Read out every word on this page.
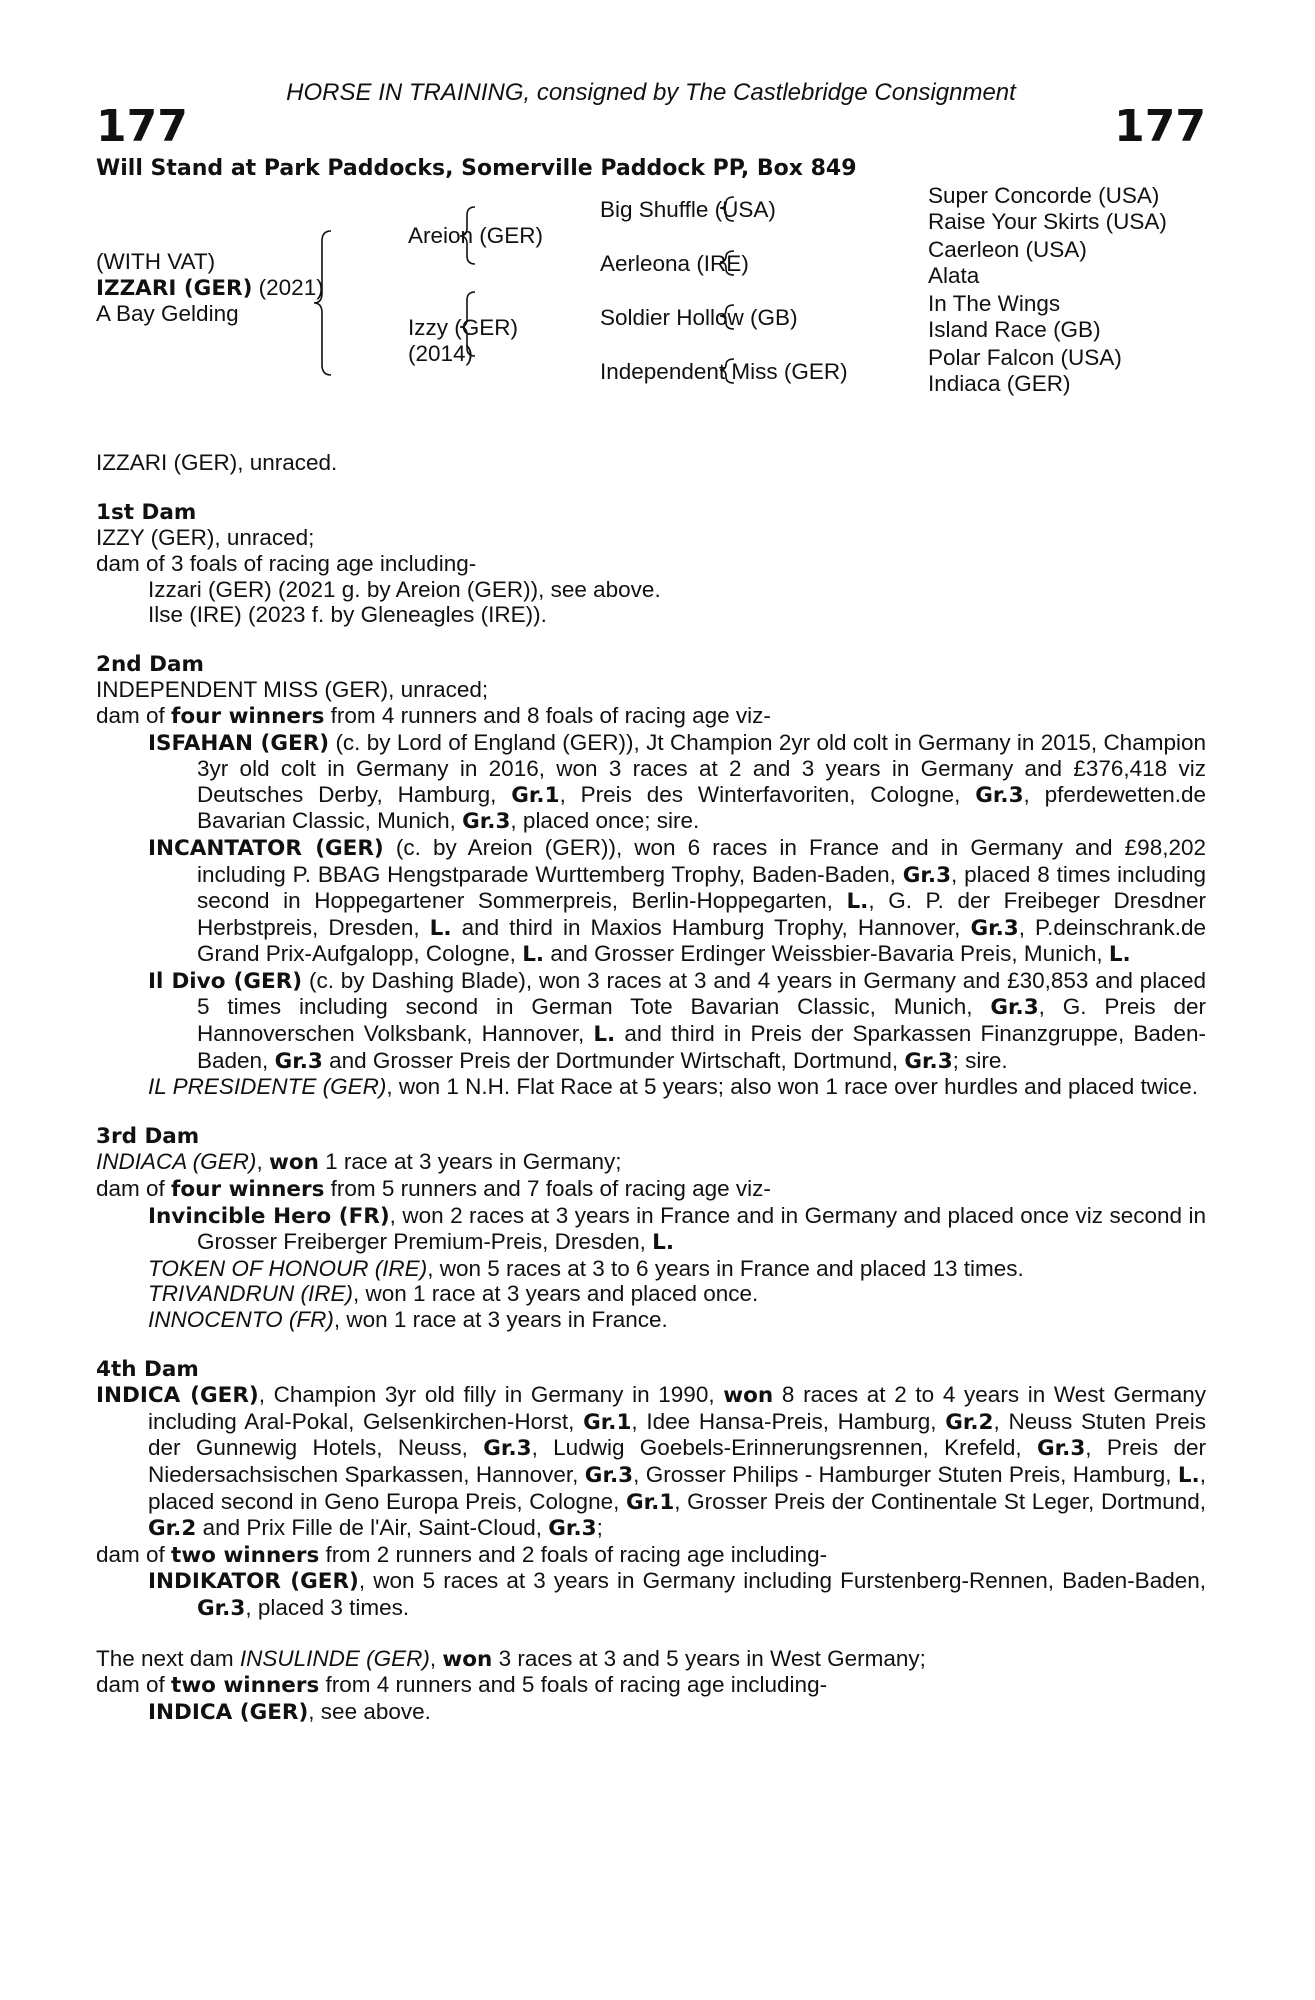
HORSE IN TRAINING, consigned by The Castlebridge Consignment
177	177
Will Stand at Park Paddocks, Somerville Paddock PP, Box 849
(WITH VAT)
IZZARI (GER) (2021)
A Bay Gelding
Areion (GER)
Izzy (GER)
(2014)
Big Shuffle (USA)
Aerleona (IRE)
Soldier Hollow (GB)
Independent Miss (GER)
Super Concorde (USA)
Raise Your Skirts (USA)
Caerleon (USA)
Alata
In The Wings
Island Race (GB)
Polar Falcon (USA)
Indiaca (GER)

IZZARI (GER), unraced.

1st Dam

IZZY (GER), unraced;

dam of 3 foals of racing age including-

Izzari (GER) (2021 g. by Areion (GER)), see above.

Ilse (IRE) (2023 f. by Gleneagles (IRE)).

2nd Dam

INDEPENDENT MISS (GER), unraced;

dam of four winners from 4 runners and 8 foals of racing age viz-

ISFAHAN (GER) (c. by Lord of England (GER)), Jt Champion 2yr old colt in Germany in 2015, Champion 3yr old colt in Germany in 2016, won 3 races at 2 and 3 years in Germany and £376,418 viz Deutsches Derby, Hamburg, Gr.1, Preis des Winterfavoriten, Cologne, Gr.3, pferdewetten.de Bavarian Classic, Munich, Gr.3, placed once; sire.

INCANTATOR (GER) (c. by Areion (GER)), won 6 races in France and in Germany and £98,202 including P. BBAG Hengstparade Wurttemberg Trophy, Baden-Baden, Gr.3, placed 8 times including second in Hoppegartener Sommerpreis, Berlin-Hoppegarten, L., G. P. der Freibeger Dresdner Herbstpreis, Dresden, L. and third in Maxios Hamburg Trophy, Hannover, Gr.3, P.deinschrank.de Grand Prix-Aufgalopp, Cologne, L. and Grosser Erdinger Weissbier-Bavaria Preis, Munich, L.

Il Divo (GER) (c. by Dashing Blade), won 3 races at 3 and 4 years in Germany and £30,853 and placed 5 times including second in German Tote Bavarian Classic, Munich, Gr.3, G. Preis der Hannoverschen Volksbank, Hannover, L. and third in Preis der Sparkassen Finanzgruppe, Baden-Baden, Gr.3 and Grosser Preis der Dortmunder Wirtschaft, Dortmund, Gr.3; sire.

IL PRESIDENTE (GER), won 1 N.H. Flat Race at 5 years; also won 1 race over hurdles and placed twice.

3rd Dam

INDIACA (GER), won 1 race at 3 years in Germany;

dam of four winners from 5 runners and 7 foals of racing age viz-

Invincible Hero (FR), won 2 races at 3 years in France and in Germany and placed once viz second in Grosser Freiberger Premium-Preis, Dresden, L.

TOKEN OF HONOUR (IRE), won 5 races at 3 to 6 years in France and placed 13 times.

TRIVANDRUN (IRE), won 1 race at 3 years and placed once.

INNOCENTO (FR), won 1 race at 3 years in France.

4th Dam

INDICA (GER), Champion 3yr old filly in Germany in 1990, won 8 races at 2 to 4 years in West Germany including Aral-Pokal, Gelsenkirchen-Horst, Gr.1, Idee Hansa-Preis, Hamburg, Gr.2, Neuss Stuten Preis der Gunnewig Hotels, Neuss, Gr.3, Ludwig Goebels-Erinnerungsrennen, Krefeld, Gr.3, Preis der Niedersachsischen Sparkassen, Hannover, Gr.3, Grosser Philips - Hamburger Stuten Preis, Hamburg, L., placed second in Geno Europa Preis, Cologne, Gr.1, Grosser Preis der Continentale St Leger, Dortmund, Gr.2 and Prix Fille de l'Air, Saint-Cloud, Gr.3;

dam of two winners from 2 runners and 2 foals of racing age including-

INDIKATOR (GER), won 5 races at 3 years in Germany including Furstenberg-Rennen, Baden-Baden, Gr.3, placed 3 times.

The next dam INSULINDE (GER), won 3 races at 3 and 5 years in West Germany;

dam of two winners from 4 runners and 5 foals of racing age including-

INDICA (GER), see above.
